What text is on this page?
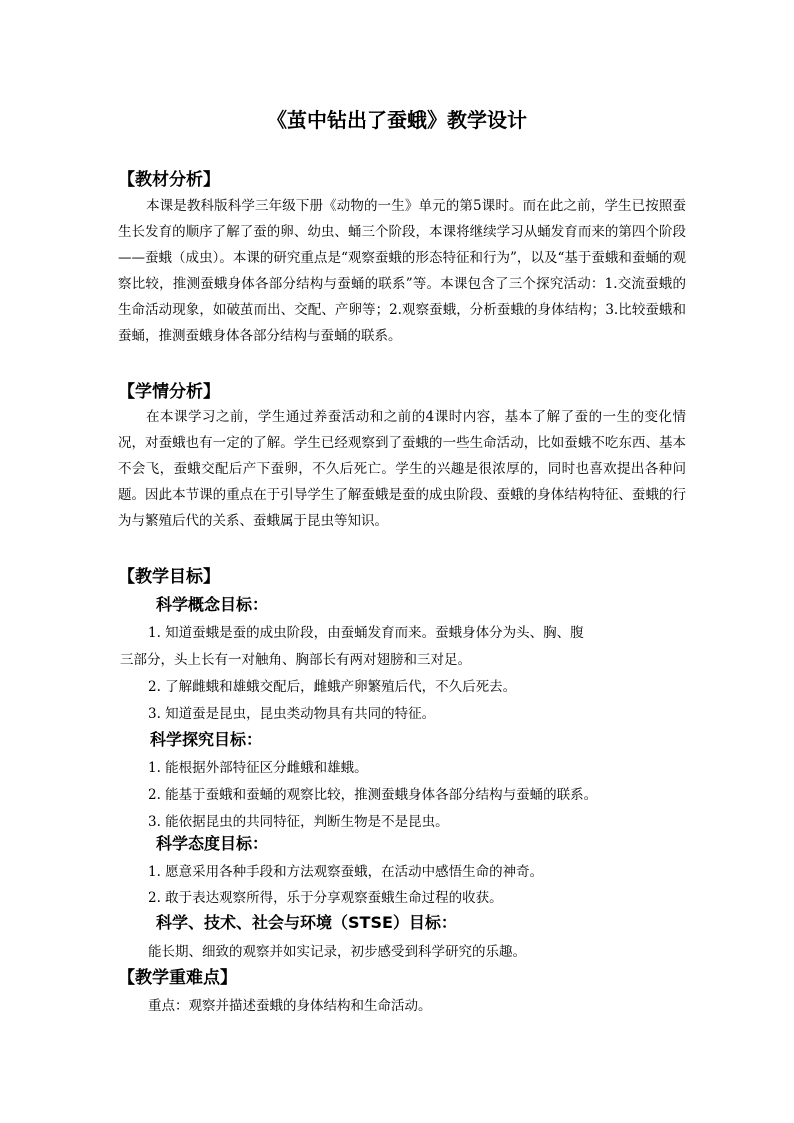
《茧中钻出了蚕蛾》教学设计
【教材分析】

本课是教科版科学三年级下册《动物的一生》单元的第5课时。而在此之前，学生已按照蚕生长发育的顺序了解了蚕的卵、幼虫、蛹三个阶段，本课将继续学习从蛹发育而来的第四个阶段——蚕蛾（成虫）。本课的研究重点是“观察蚕蛾的形态特征和行为”，以及“基于蚕蛾和蚕蛹的观察比较，推测蚕蛾身体各部分结构与蚕蛹的联系”等。本课包含了三个探究活动：1.交流蚕蛾的生命活动现象，如破茧而出、交配、产卵等；2.观察蚕蛾，分析蚕蛾的身体结构；3.比较蚕蛾和蚕蛹，推测蚕蛾身体各部分结构与蚕蛹的联系。

【学情分析】

在本课学习之前，学生通过养蚕活动和之前的4课时内容，基本了解了蚕的一生的变化情况，对蚕蛾也有一定的了解。学生已经观察到了蚕蛾的一些生命活动，比如蚕蛾不吃东西、基本不会飞，蚕蛾交配后产下蚕卵，不久后死亡。学生的兴趣是很浓厚的，同时也喜欢提出各种问题。因此本节课的重点在于引导学生了解蚕蛾是蚕的成虫阶段、蚕蛾的身体结构特征、蚕蛾的行为与繁殖后代的关系、蚕蛾属于昆虫等知识。

【教学目标】
科学概念目标：
1. 知道蚕蛾是蚕的成虫阶段，由蚕蛹发育而来。蚕蛾身体分为头、胸、腹
三部分，头上长有一对触角、胸部长有两对翅膀和三对足。
2. 了解雌蛾和雄蛾交配后，雌蛾产卵繁殖后代，不久后死去。
3. 知道蚕是昆虫，昆虫类动物具有共同的特征。
科学探究目标：
1. 能根据外部特征区分雌蛾和雄蛾。
2. 能基于蚕蛾和蚕蛹的观察比较，推测蚕蛾身体各部分结构与蚕蛹的联系。
3. 能依据昆虫的共同特征，判断生物是不是昆虫。
科学态度目标：
1. 愿意采用各种手段和方法观察蚕蛾，在活动中感悟生命的神奇。
2. 敢于表达观察所得，乐于分享观察蚕蛾生命过程的收获。
科学、技术、社会与环境（STSE）目标：
能长期、细致的观察并如实记录，初步感受到科学研究的乐趣。
【教学重难点】
重点：观察并描述蚕蛾的身体结构和生命活动。
